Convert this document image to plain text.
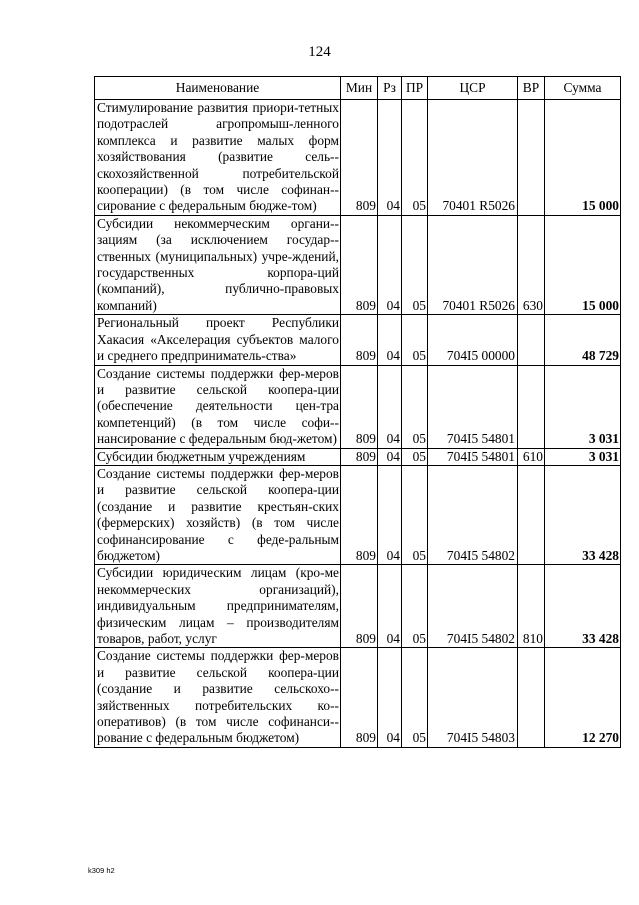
124
Наименование	Мин	Рз	ПР	ЦСР	ВР	Сумма
Стимулирование развития приори-тетных подотраслей агропромыш-ленного комплекса и развитие малых форм хозяйствования (развитие сель-скохозяйственной потребительской кооперации) (в том числе софинан-сирование с федеральным бюдже-том)	809	04	05	70401 R5026		15 000
Субсидии некоммерческим органи-зациям (за исключением государ-ственных (муниципальных) учре-ждений, государственных корпора-ций (компаний), публично-правовых компаний)	809	04	05	70401 R5026	630	15 000
Региональный проект Республики Хакасия «Акселерация субъектов малого и среднего предприниматель-ства»	809	04	05	704I5 00000		48 729
Создание системы поддержки фер-меров и развитие сельской коопера-ции (обеспечение деятельности цен-тра компетенций) (в том числе софи-нансирование с федеральным бюд-жетом)	809	04	05	704I5 54801		3 031
Субсидии бюджетным учреждениям	809	04	05	704I5 54801	610	3 031
Создание системы поддержки фер-меров и развитие сельской коопера-ции (создание и развитие крестьян-ских (фермерских) хозяйств) (в том числе софинансирование с феде-ральным бюджетом)	809	04	05	704I5 54802		33 428
Субсидии юридическим лицам (кро-ме некоммерческих организаций), индивидуальным предпринимателям, физическим лицам – производителям товаров, работ, услуг	809	04	05	704I5 54802	810	33 428
Создание системы поддержки фер-меров и развитие сельской коопера-ции (создание и развитие сельскохо-зяйственных потребительских ко-оперативов) (в том числе софинанси-рование с федеральным бюджетом)	809	04	05	704I5 54803		12 270
k309 h2
